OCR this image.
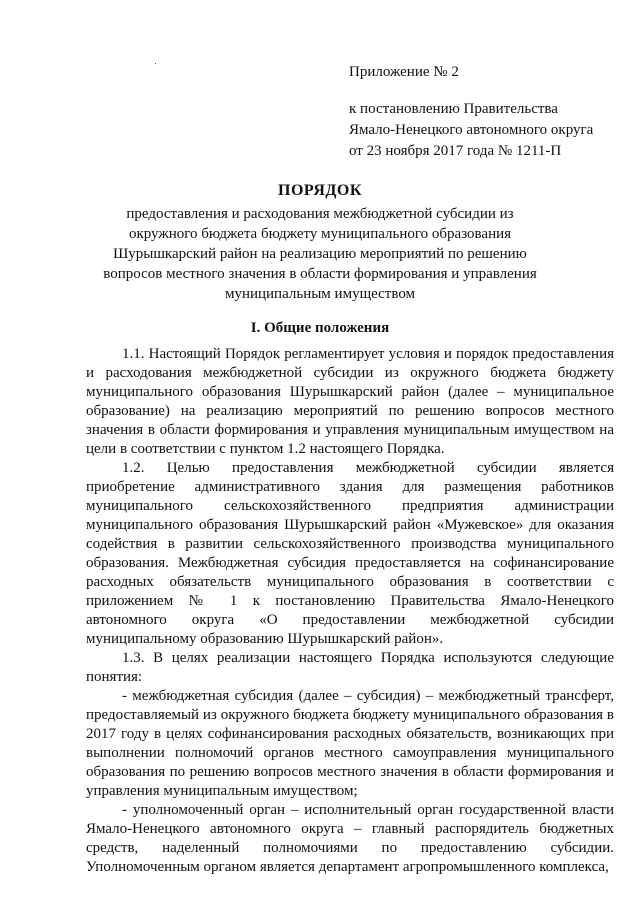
Приложение № 2
к постановлению Правительства
Ямало-Ненецкого автономного округа
от 23 ноября 2017 года № 1211-П
ПОРЯДОК
предоставления и расходования межбюджетной субсидии из окружного бюджета бюджету муниципального образования Шурышкарский район на реализацию мероприятий по решению вопросов местного значения в области формирования и управления муниципальным имуществом
I. Общие положения

1.1. Настоящий Порядок регламентирует условия и порядок предоставления и расходования межбюджетной субсидии из окружного бюджета бюджету муниципального образования Шурышкарский район (далее – муниципальное образование) на реализацию мероприятий по решению вопросов местного значения в области формирования и управления муниципальным имуществом на цели в соответствии с пунктом 1.2 настоящего Порядка.

1.2. Целью предоставления межбюджетной субсидии является приобретение административного здания для размещения работников муниципального сельскохозяйственного предприятия администрации муниципального образования Шурышкарский район «Мужевское» для оказания содействия в развитии сельскохозяйственного производства муниципального образования. Межбюджетная субсидия предоставляется на софинансирование расходных обязательств муниципального образования в соответствии с приложением № 1 к постановлению Правительства Ямало-Ненецкого автономного округа «О предоставлении межбюджетной субсидии муниципальному образованию Шурышкарский район».

1.3. В целях реализации настоящего Порядка используются следующие понятия:

- межбюджетная субсидия (далее – субсидия) – межбюджетный трансферт, предоставляемый из окружного бюджета бюджету муниципального образования в 2017 году в целях софинансирования расходных обязательств, возникающих при выполнении полномочий органов местного самоуправления муниципального образования по решению вопросов местного значения в области формирования и управления муниципальным имуществом;

- уполномоченный орган – исполнительный орган государственной власти Ямало-Ненецкого автономного округа – главный распорядитель бюджетных средств, наделенный полномочиями по предоставлению субсидии. Уполномоченным органом является департамент агропромышленного комплекса,
